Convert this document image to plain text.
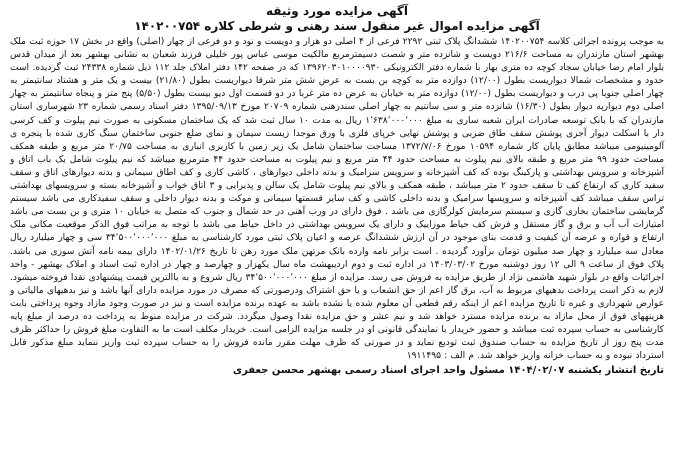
آگهی مزایده مورد وثیقه
آگهی مزایده اموال غیر منقول سند رهنی و شرطی کلاره ۱۴۰۲۰۰۷۵۴

به موجب پرونده اجرائی کلاسه ۱۴۰۲۰۰۷۵۴ ششدانگ پلاک ثبتی ۲۲۹۲ فرعی از ۴ اصلی دو هزار و دویست و نود و دو فرعی از چهار (اصلی) واقع در بخش ۱۷ حوزه ثبت ملک بهشهر استان مازندران به مساحت ۲۱۶/۶ دویست و شانزده متر و شصت دسیمترمربع مالکیت موسی عباس پور خلیلی فرزند شعبان به نشانی بهشهر بعد از میدان قدس بلوار امام رضا خیابان سجاد کوچه ده متری بهار با شماره دفتر الکترونیکی ۱۳۹۶۲۰۳۰۱۰۰۰۰۹۳۰ که در صفحه ۱۴۲ دفتر املاک جلد ۱۱۲ ذیل شماره ۲۴۳۳۸ ثبت گردیده. است حدود و مشخصات شمالا دیواریست بطول (۱۲/۰۰) دوازده متر به کوچه بن بست به عرض شش متر شرقا دیواریست بطول (۲۱/۸۰) بیست و یک متر و هشتاد سانتیمتر به چهار اصلی جنوبا پی درب و دیواریست بطول (۱۲/۰۰) دوازده متر به خیابان به عرض ده متر غربا در دو قسمت اول دیو بیست بطول (۵/۵۰) پنج متر و پنجاه سانتیمتر به چهار اصلی دوم دیوارپه دیوار بطول (۱۶/۳۰) شانزده متر و سی سانتیم به چهار اصلی سندرهنی شماره ۲۰۷۰۹ مورخ ۱۳۹۵/۰۹/۱۳ دفتر اسناد رسمی شماره ۲۳ شهرساری استان مازندران که با بانک توسعه صادرات ایران شعبه ساری به مبلغ ۱٬۶۳۸٬۰۰۰٬۰۰۰ ریال به مدت ۱۰ سال ثبت شد که یک ساختمان مسکونی به صورت نیم پیلوت و کف کرسی دار با اسکلت دیوار آجری پوشش سقف طاق ضربی و پوشش نهایی خرپای فلزی با ورق موجدا زیست سیمان و نمای ضلع جنوبی ساختمان سنگ کاری شده با پنجره ی آلومینیومی میباشد مطابق پایان کار شماره ۱۰۵۹۴ مورخ ۱۳۷۲/۷/۰۶ مساحت ساختمان شامل یک زیر زمین با کاربری انباری به مساحت ۲۰/۷۵ متر مربع و طبقه همکف مساحت حدود ۹۹ متر مربع و طبقه بالای نیم پیلوت به مساحت حدود ۴۴ متر مربع و نیم پیلوت به مساحت حدود ۴۴ مترمربع میباشد که نیم پیلوت شامل یک باب اتاق و آشپزخانه و سرویس بهداشتی و پارکینگ بوده که کف آشپزخانه و سرویس سرامیک و بدنه داخلی دیوارهای ، کاشی کاری و کف اطاق سیمانی و بدنه دیوارهای اتاق و سقف سفید کاری که ارتفاع کف تا سقف حدود ۲ متر میباشد ، طبقه همکف و بالای نیم پیلوت شامل یک سالن و پذیرایی و ۳ اتاق خواب و آشپزخانه بسته و سرویسهای بهداشتی تراس سقف میباشد کف آشپزخانه و سرویسها سرامیک و بدنه داخلی کاشی و کف سایر قسمتها سیمانی و موکت و بدنه دیوار داخلی و سقف سفیدکاری می باشد سیستم گرمایشی ساختمان بخاری گازی و سیستم سرمایش کولرگازی می باشد . فوق دارای در ورب آهنی در حد شمال و جنوب که متصل به خیابان ۱۰ متری و بن بست می باشد امتیازات آب آب و برق و گاز مستقل و فرش کف حیاط موزاییک و دارای یک سرویس بهداشتی در داخل حیاط می باشد با توجه به مراتب فوق الذکر موقعیت مکانی ملک ارتفاع و قواره و عرصه آن کیفیت و قدمت بنای موجود در آن ارزش ششدانگ عرصه و اعیان پلاک ثبتی مورد کارشناسی به مبلغ ۳۴٬۵۰۰٬۰۰۰٬۰۰۰ سی و چهار میلیارد ریال معادل سه میلیارد و چهار صد میلیون تومان برآورد گردیده . است برابر نامه وارده بانک مرتهن ملک مورد رهن تا تاریخ ۱۴۰۲/۰۱/۲۶ دارای بیمه نامه آتش سوزی می باشد. پلاک فوق از ساعت ۹ الی ۱۲ روز دوشنبه مورخ ۱۴۰۳/۰۳/۰۲ در اداره ثبت و دوم اردیبهشت ماه سال یکهزار و چهارصد و چهار در اداره ثبت اسناد و املاک بهشهر - واحد اجرائیات واقع در بلوار شهید هاشمی نژاد از طریق مزایده به فروش می رسد. مزایده از مبلغ ۳۴٬۵۰۰٬۰۰۰٬۰۰۰ ریال شروع و به باالترین قیمت پیشنهادی نقدا فروخته میشود. لازم به ذکر است پرداخت بدهیهای مربوط به آب، برق گاز اعم از حق انشعاب و یا حق اشتراک ودرصورتی که مصرف در مورد مزایده دارای آنها باشد و نیز بدهیهای مالیاتی و عوارض شهرداری و غیره تا تاریخ مزایده اعم از اینکه رقم قطعی آن معلوم شده یا نشده باشد به عهده برنده مزایده است و نیز در صورت وجود مازاد وجوه پرداختی بابت هزینههای فوق از محل مازاد به برنده مزایده مسترد خواهد شد و نیم عشر و حق مزایده نقدا وصول میگردد. شرکت در مزایده منوط به پرداخت ده درصد از مبلغ پایه کارشناسی به حساب سپرده ثبت میباشد و حضور خریدار با نمایندگی قانونی او در جلسه مزایده الزامی است. خریدار مکلف است ما به التفاوت مبلغ فروش را حداکثر ظرف مدت پنج روز از تاریخ مزایده به حساب صندوق ثبت تودیع نماید و در صورتی که ظرف مهلت مقرر مانده فروش را به حساب سپرده ثبت واریز ننماید مبلغ مذکور قابل استرداد نبوده و به حساب خزانه واریز خواهد شد. م الف : ۱۹۱۱۴۹۵

تاریخ انتشار یکشنبه ۱۴۰۴/۰۲/۰۷ مسئول واحد اجرای اسناد رسمی بهشهر محسن جعفری
